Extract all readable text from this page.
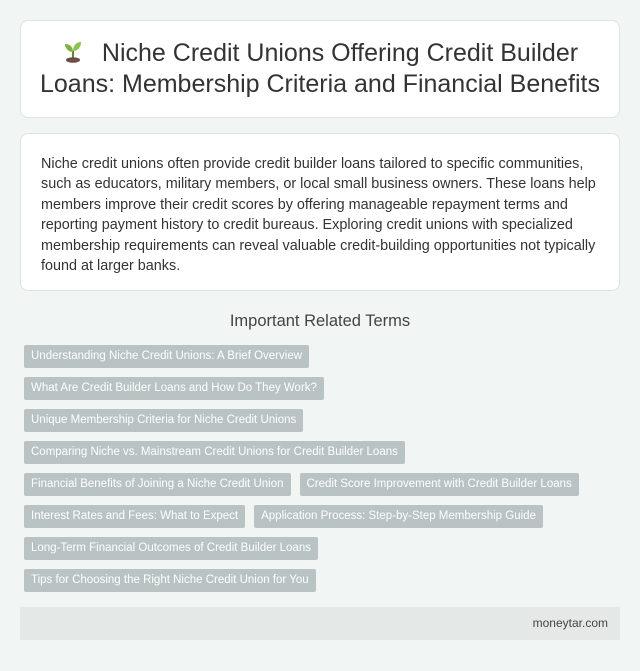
Niche Credit Unions Offering Credit Builder Loans: Membership Criteria and Financial Benefits

Niche credit unions often provide credit builder loans tailored to specific communities, such as educators, military members, or local small business owners. These loans help members improve their credit scores by offering manageable repayment terms and reporting payment history to credit bureaus. Exploring credit unions with specialized membership requirements can reveal valuable credit-building opportunities not typically found at larger banks.

Important Related Terms
Understanding Niche Credit Unions: A Brief Overview
What Are Credit Builder Loans and How Do They Work?
Unique Membership Criteria for Niche Credit Unions
Comparing Niche vs. Mainstream Credit Unions for Credit Builder Loans
Financial Benefits of Joining a Niche Credit Union	Credit Score Improvement with Credit Builder Loans
Interest Rates and Fees: What to Expect	Application Process: Step-by-Step Membership Guide
Long-Term Financial Outcomes of Credit Builder Loans
Tips for Choosing the Right Niche Credit Union for You
moneytar.com
